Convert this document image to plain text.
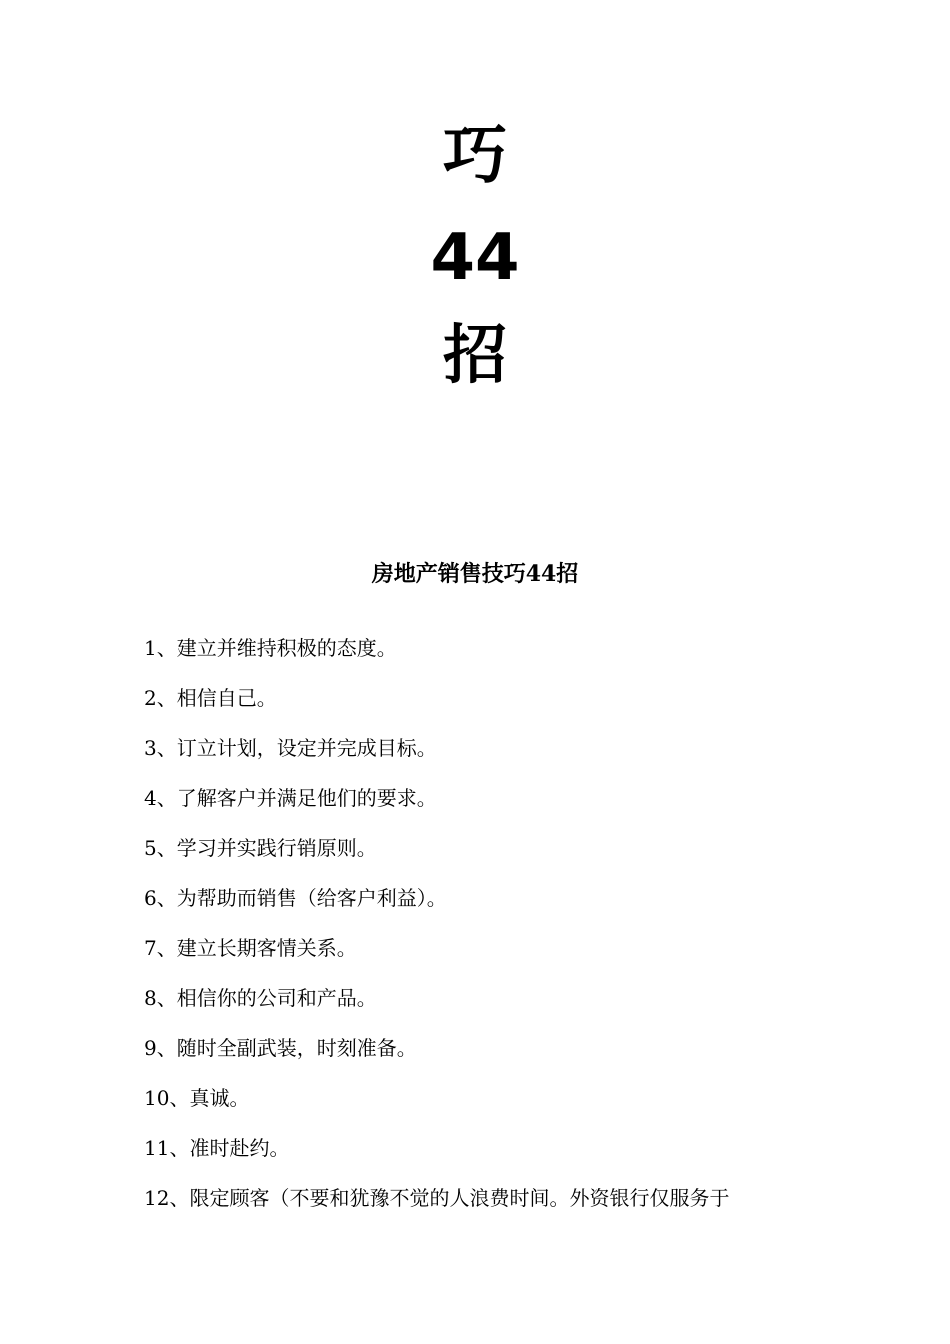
巧
44
招
房地产销售技巧44招
1、建立并维持积极的态度。
2、相信自己。
3、订立计划，设定并完成目标。
4、了解客户并满足他们的要求。
5、学习并实践行销原则。
6、为帮助而销售（给客户利益）。
7、建立长期客情关系。
8、相信你的公司和产品。
9、随时全副武装，时刻准备。
10、真诚。
11、准时赴约。
12、限定顾客（不要和犹豫不觉的人浪费时间。外资银行仅服务于
